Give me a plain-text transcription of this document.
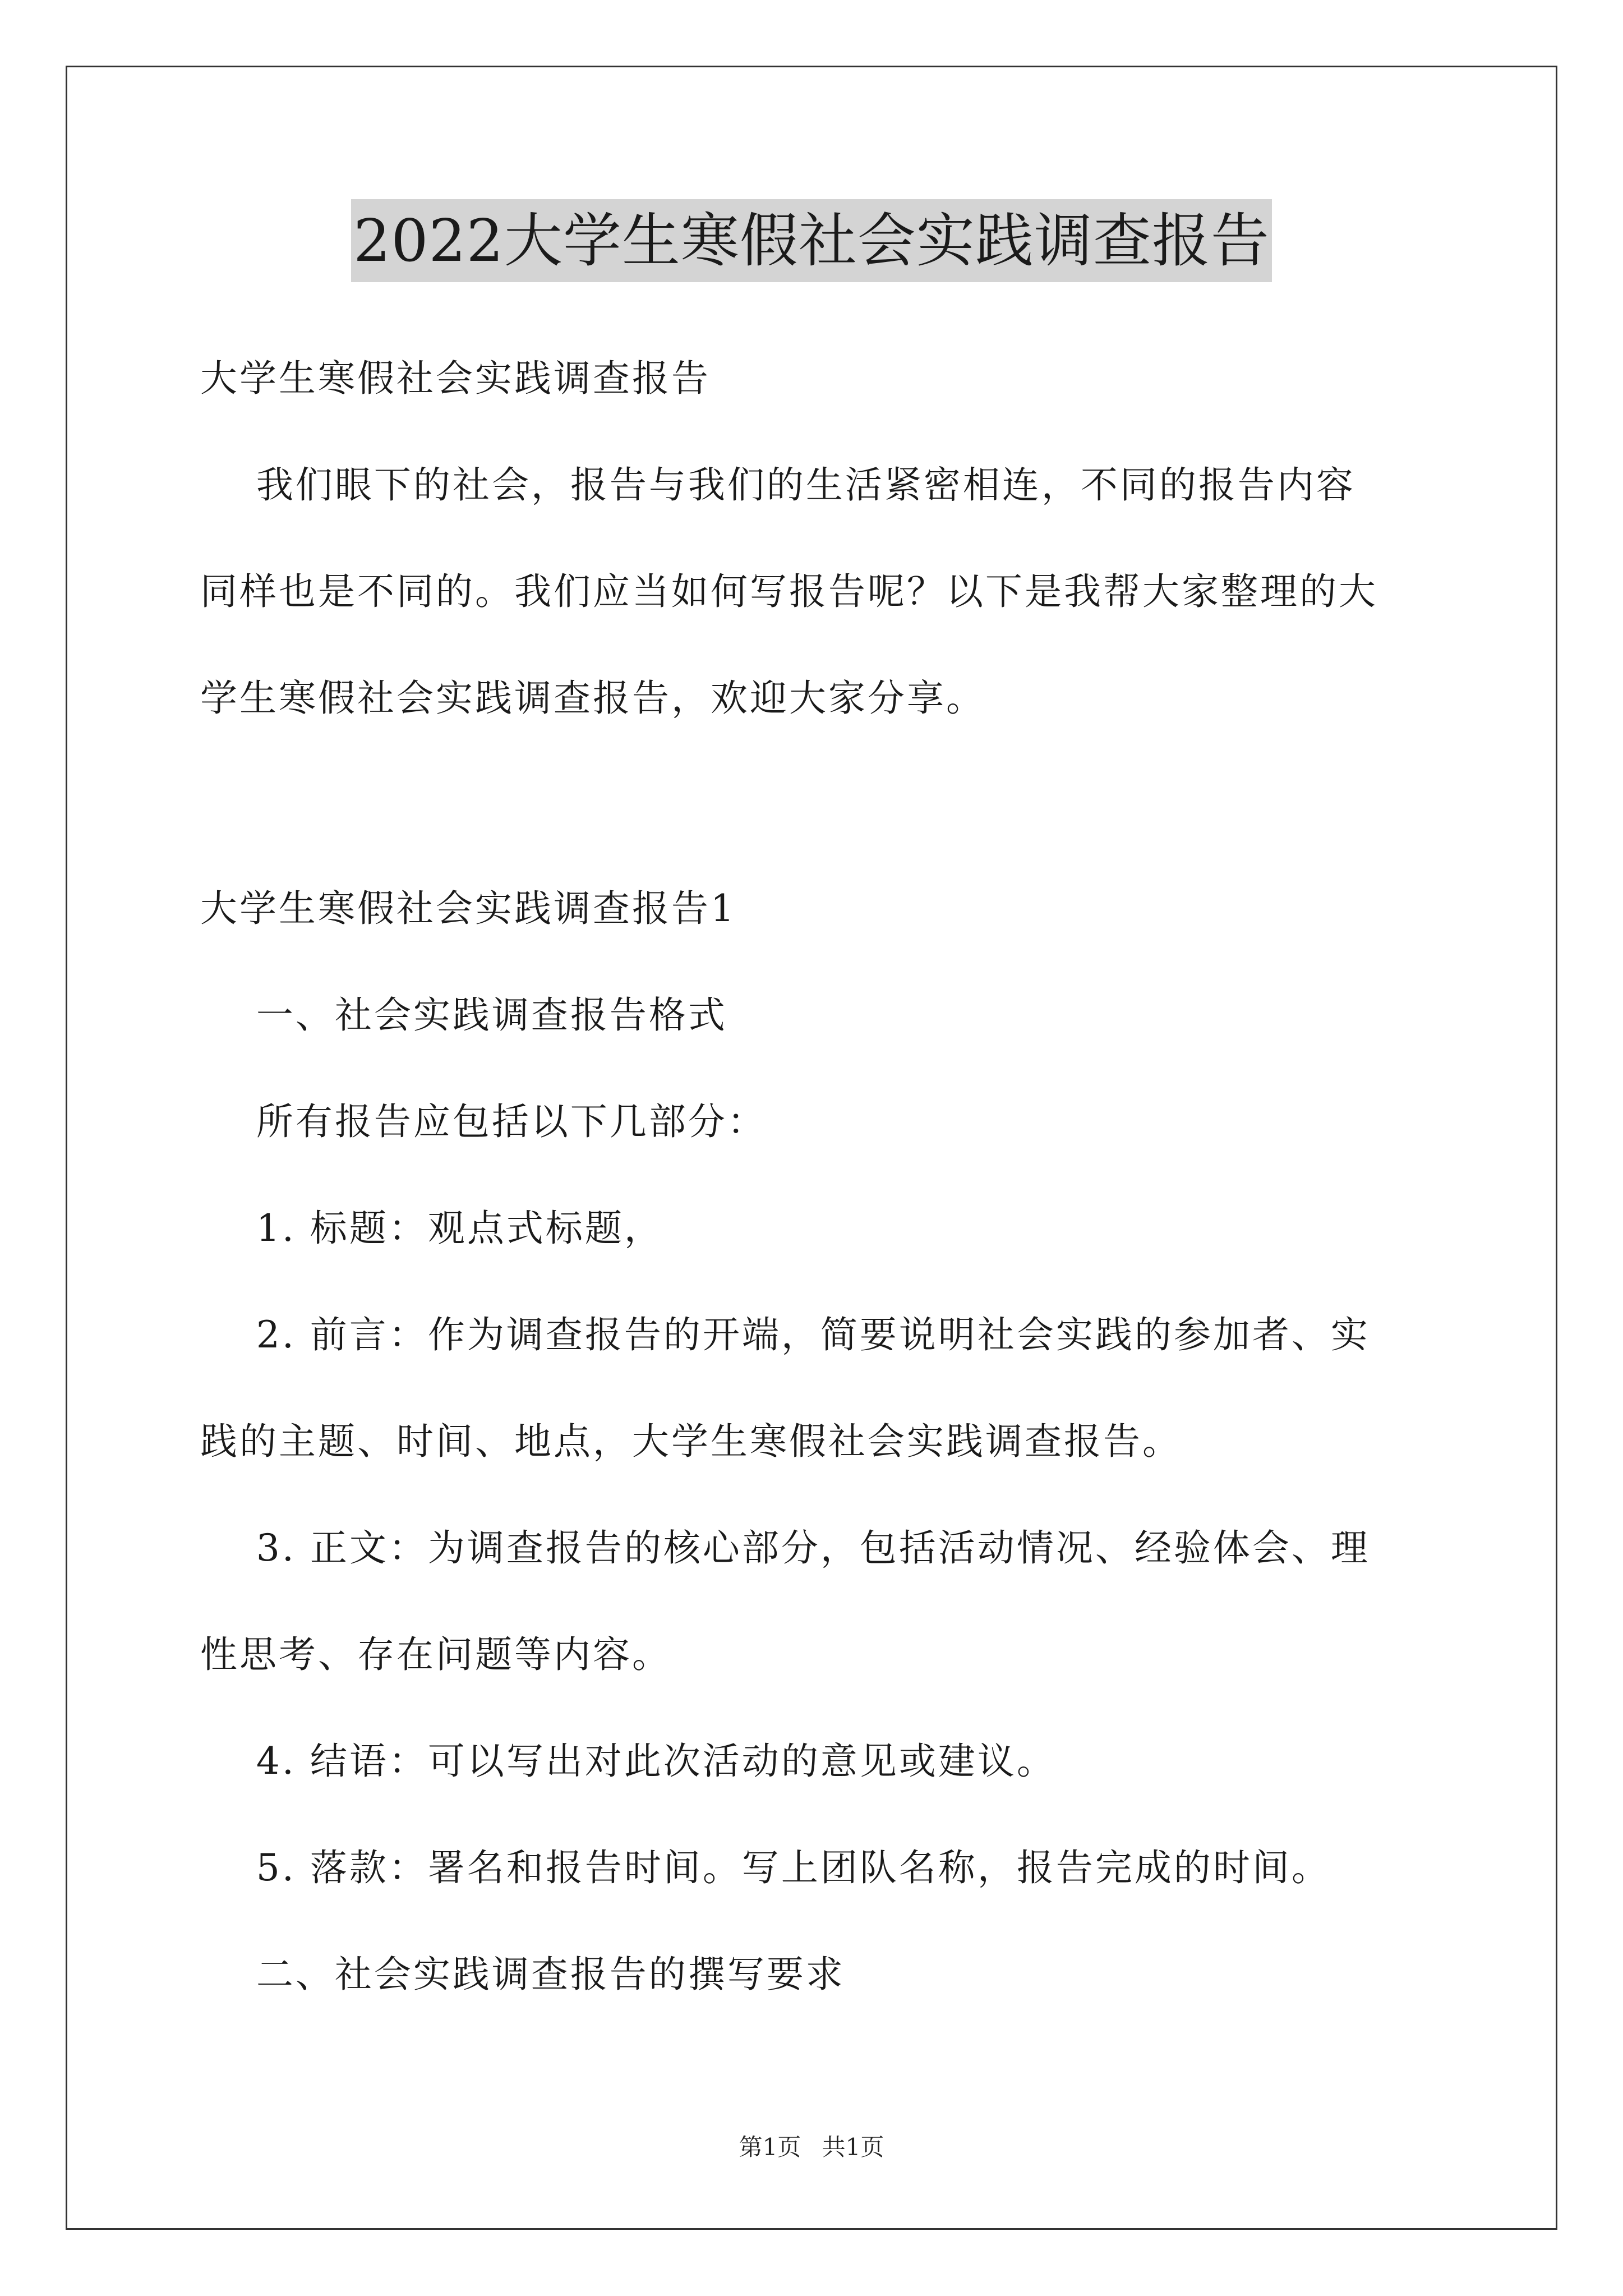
2022大学生寒假社会实践调查报告
大学生寒假社会实践调查报告
我们眼下的社会，报告与我们的生活紧密相连，不同的报告内容
同样也是不同的。我们应当如何写报告呢？以下是我帮大家整理的大
学生寒假社会实践调查报告，欢迎大家分享。
大学生寒假社会实践调查报告1
一、社会实践调查报告格式
所有报告应包括以下几部分：
1. 标题：观点式标题，
2. 前言：作为调查报告的开端，简要说明社会实践的参加者、实
践的主题、时间、地点，大学生寒假社会实践调查报告。
3. 正文：为调查报告的核心部分，包括活动情况、经验体会、理
性思考、存在问题等内容。
4. 结语：可以写出对此次活动的意见或建议。
5. 落款：署名和报告时间。写上团队名称，报告完成的时间。
二、社会实践调查报告的撰写要求
第1页 共1页
